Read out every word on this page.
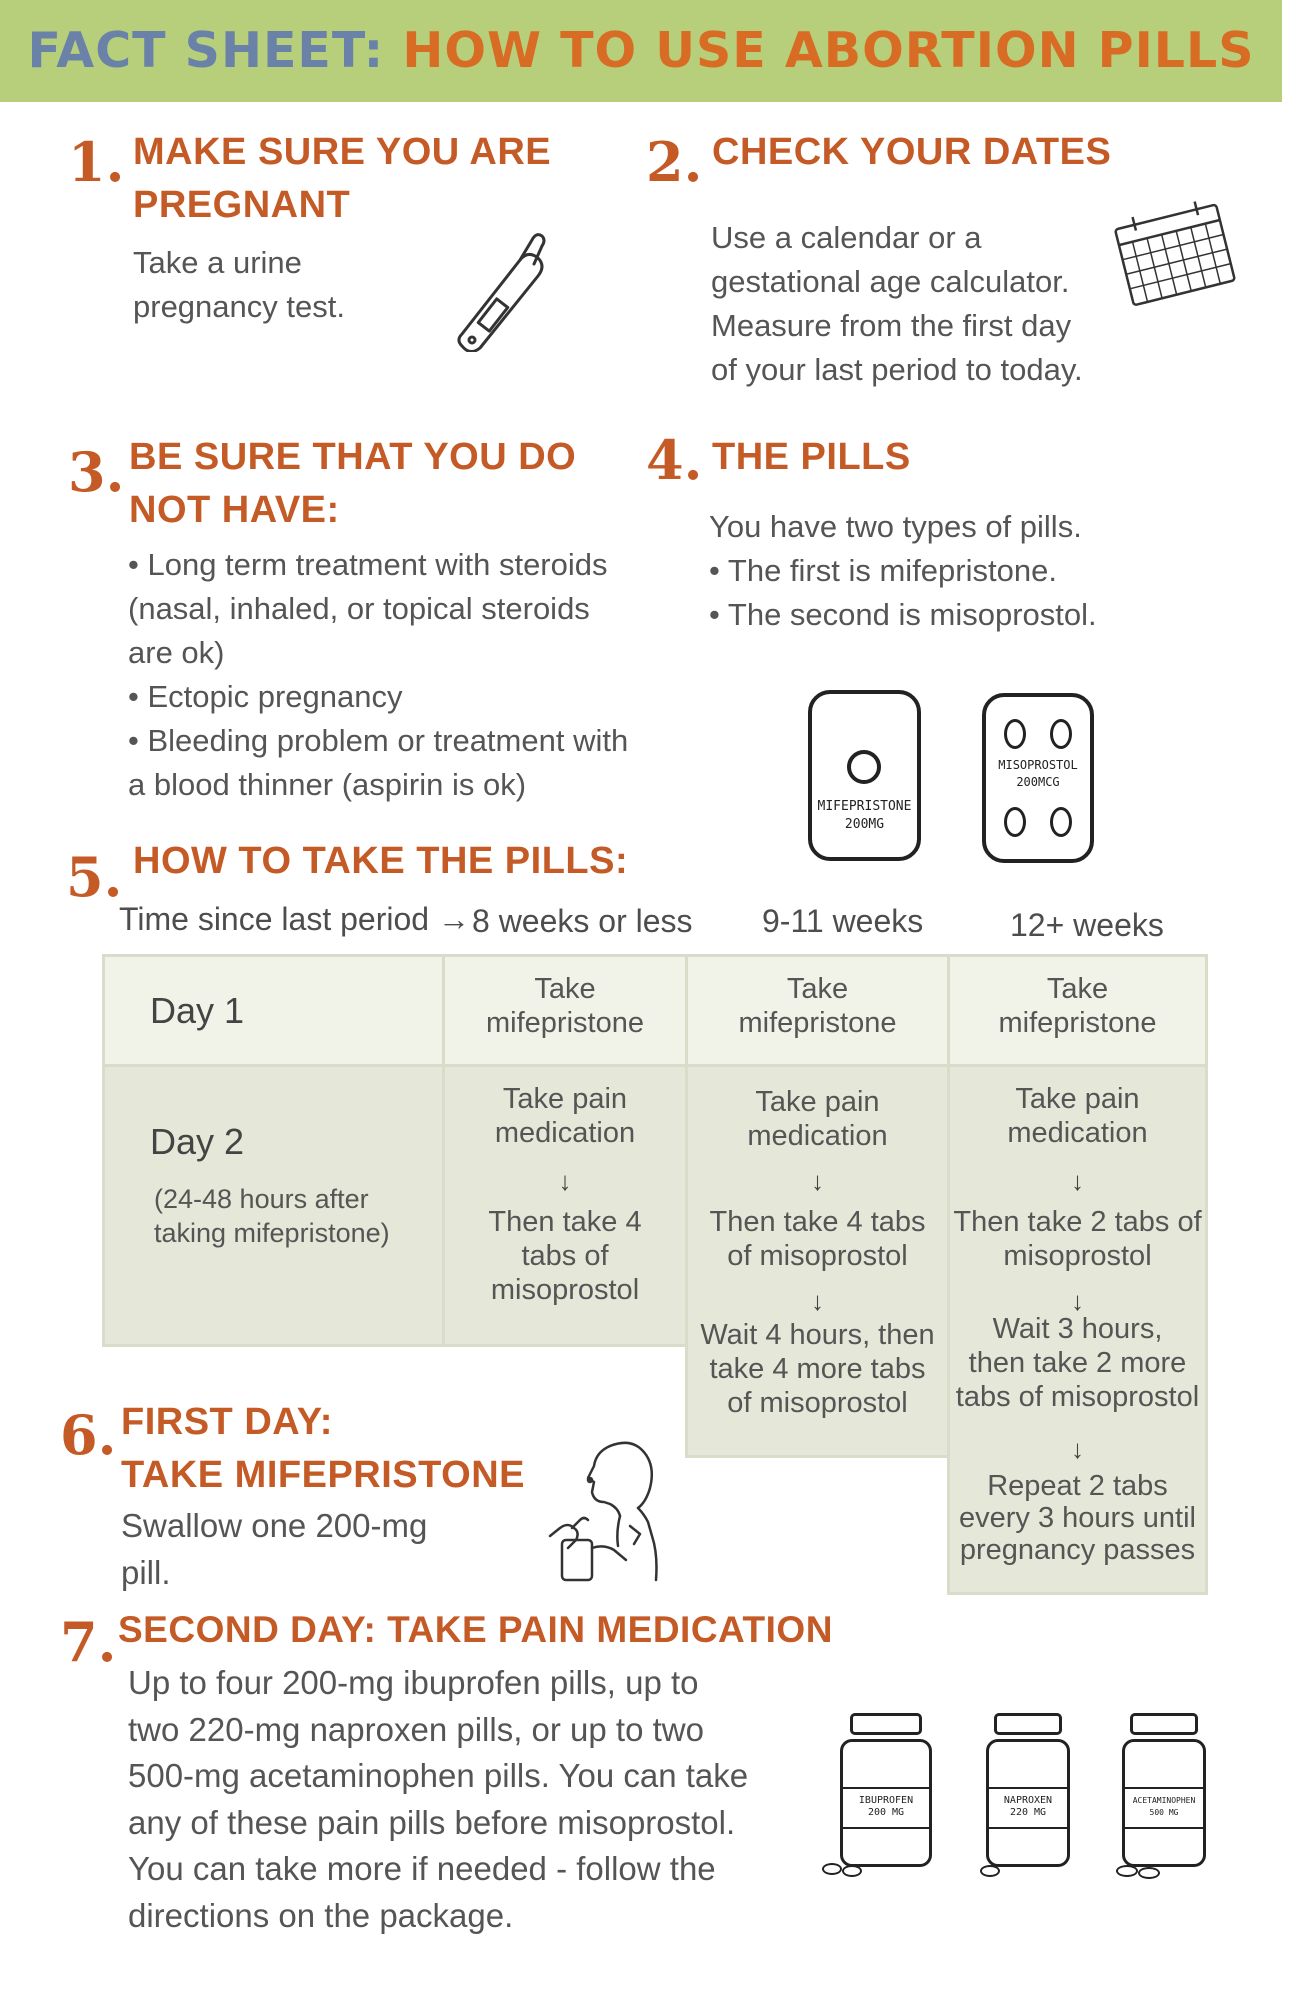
FACT SHEET: HOW TO USE ABORTION PILLS
1. MAKE SURE YOU ARE
PREGNANT

Take a urine

pregnancy test.

2. CHECK YOUR DATES

Use a calendar or a

gestational age calculator.

Measure from the first day

of your last period to today.

3. BE SURE THAT YOU DO
NOT HAVE:

• Long term treatment with steroids

(nasal, inhaled, or topical steroids

are ok)

• Ectopic pregnancy

• Bleeding problem or treatment with

a blood thinner (aspirin is ok)

4. THE PILLS

You have two types of pills.

• The first is mifepristone.

• The second is misoprostol.

MIFEPRISTONE
200MG
MISOPROSTOL
200MCG
5. HOW TO TAKE THE PILLS:
Time since last period → 8 weeks or less 9-11 weeks	12+ weeks
Day 1
Day 2
(24-48 hours after
taking mifepristone)
Take
mifepristone
Take
mifepristone
Take
mifepristone
Take pain
medication
↓
Then take 4
tabs of
misoprostol
Take pain
medication
↓
Then take 4 tabs
of misoprostol
↓
Wait 4 hours, then
take 4 more tabs
of misoprostol
Take pain
medication
↓
Then take 2 tabs of
misoprostol
↓
Wait 3 hours,
then take 2 more
tabs of misoprostol
↓
Repeat 2 tabs
every 3 hours until
pregnancy passes
6. FIRST DAY:
TAKE MIFEPRISTONE

Swallow one 200-mg

pill.

7. SECOND DAY: TAKE PAIN MEDICATION

Up to four 200-mg ibuprofen pills, up to

two 220-mg naproxen pills, or up to two

500-mg acetaminophen pills. You can take

any of these pain pills before misoprostol.

You can take more if needed - follow the

directions on the package.

IBUPROFEN
200 MG
NAPROXEN
220 MG
ACETAMINOPHEN
500 MG
